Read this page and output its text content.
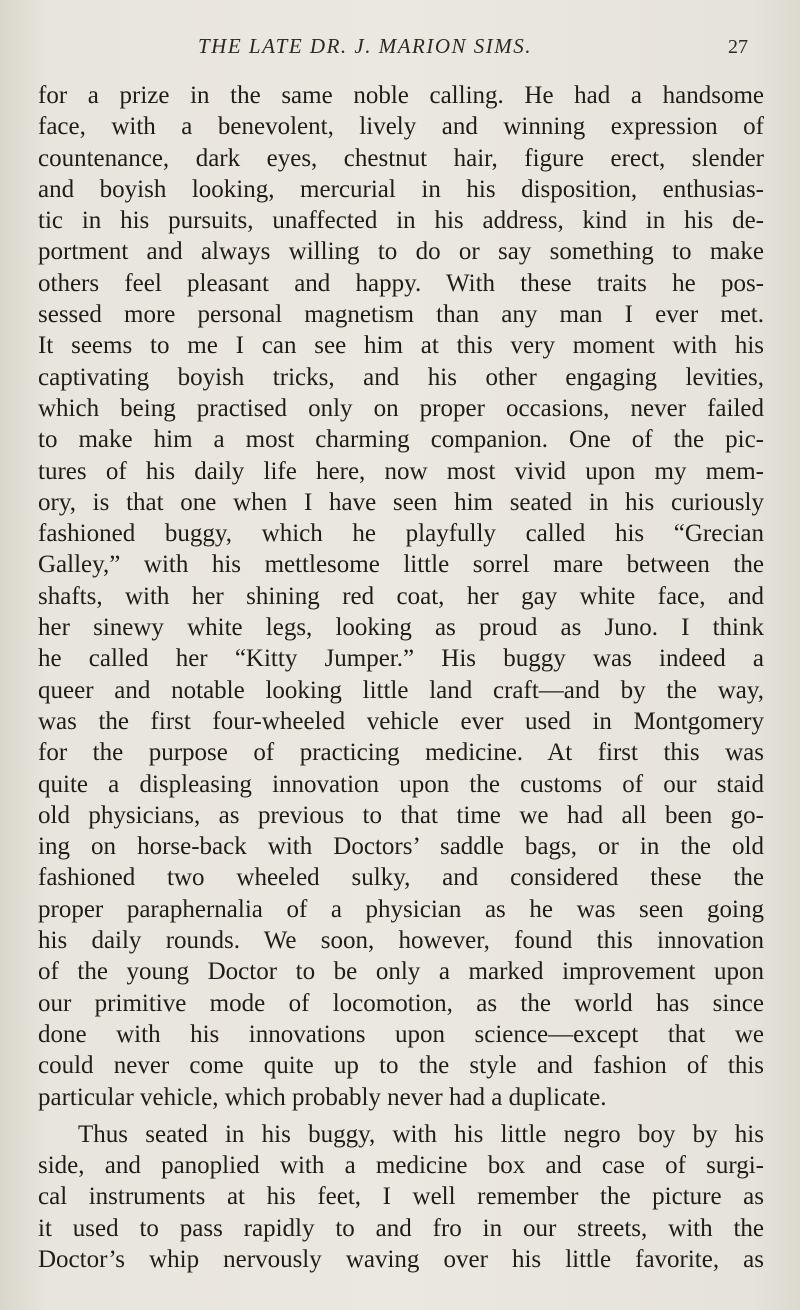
THE LATE DR. J. MARION SIMS.	27
for a prize in the same noble calling. He had a handsome
face, with a benevolent, lively and winning expression of
countenance, dark eyes, chestnut hair, figure erect, slender
and boyish looking, mercurial in his disposition, enthusias-
tic in his pursuits, unaffected in his address, kind in his de-
portment and always willing to do or say something to make
others feel pleasant and happy. With these traits he pos-
sessed more personal magnetism than any man I ever met.
It seems to me I can see him at this very moment with his
captivating boyish tricks, and his other engaging levities,
which being practised only on proper occasions, never failed
to make him a most charming companion. One of the pic-
tures of his daily life here, now most vivid upon my mem-
ory, is that one when I have seen him seated in his curiously
fashioned buggy, which he playfully called his “Grecian
Galley,” with his mettlesome little sorrel mare between the
shafts, with her shining red coat, her gay white face, and
her sinewy white legs, looking as proud as Juno. I think
he called her “Kitty Jumper.” His buggy was indeed a
queer and notable looking little land craft—and by the way,
was the first four-wheeled vehicle ever used in Montgomery
for the purpose of practicing medicine. At first this was
quite a displeasing innovation upon the customs of our staid
old physicians, as previous to that time we had all been go-
ing on horse-back with Doctors’ saddle bags, or in the old
fashioned two wheeled sulky, and considered these the
proper paraphernalia of a physician as he was seen going
his daily rounds. We soon, however, found this innovation
of the young Doctor to be only a marked improvement upon
our primitive mode of locomotion, as the world has since
done with his innovations upon science—except that we
could never come quite up to the style and fashion of this
particular vehicle, which probably never had a duplicate.
Thus seated in his buggy, with his little negro boy by his
side, and panoplied with a medicine box and case of surgi-
cal instruments at his feet, I well remember the picture as
it used to pass rapidly to and fro in our streets, with the
Doctor’s whip nervously waving over his little favorite, as
